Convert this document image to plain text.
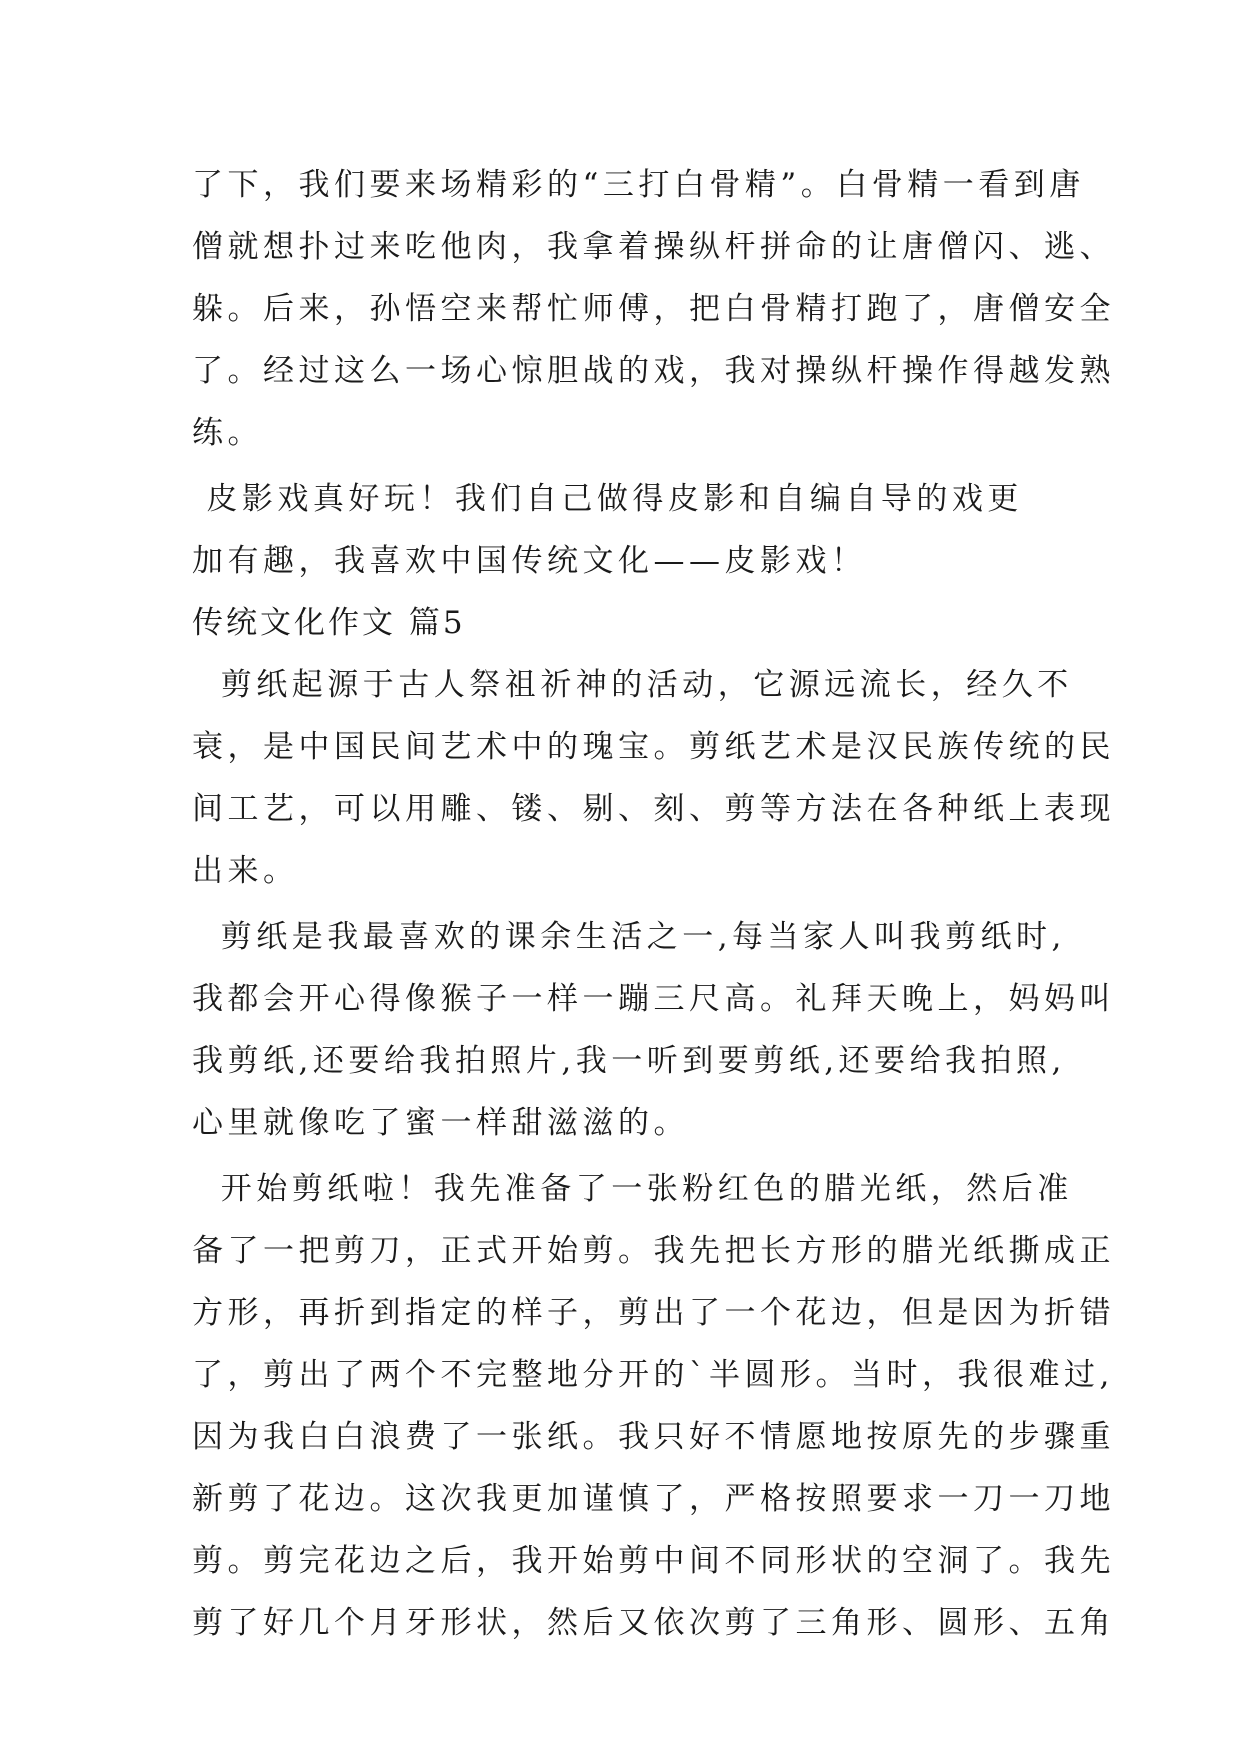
了下，我们要来场精彩的“三打白骨精”。白骨精一看到唐
僧就想扑过来吃他肉，我拿着操纵杆拼命的让唐僧闪、逃、
躲。后来，孙悟空来帮忙师傅，把白骨精打跑了，唐僧安全
了。经过这么一场心惊胆战的戏，我对操纵杆操作得越发熟
练。
皮影戏真好玩！我们自己做得皮影和自编自导的戏更
加有趣，我喜欢中国传统文化——皮影戏！
传统文化作文 篇5
剪纸起源于古人祭祖祈神的活动，它源远流长，经久不
衰，是中国民间艺术中的瑰宝。剪纸艺术是汉民族传统的民
间工艺，可以用雕、镂、剔、刻、剪等方法在各种纸上表现
出来。
剪纸是我最喜欢的课余生活之一,每当家人叫我剪纸时,
我都会开心得像猴子一样一蹦三尺高。礼拜天晚上，妈妈叫
我剪纸,还要给我拍照片,我一听到要剪纸,还要给我拍照,
心里就像吃了蜜一样甜滋滋的。
开始剪纸啦！我先准备了一张粉红色的腊光纸，然后准
备了一把剪刀，正式开始剪。我先把长方形的腊光纸撕成正
方形，再折到指定的样子，剪出了一个花边，但是因为折错
了，剪出了两个不完整地分开的`半圆形。当时，我很难过,
因为我白白浪费了一张纸。我只好不情愿地按原先的步骤重
新剪了花边。这次我更加谨慎了，严格按照要求一刀一刀地
剪。剪完花边之后，我开始剪中间不同形状的空洞了。我先
剪了好几个月牙形状，然后又依次剪了三角形、圆形、五角
